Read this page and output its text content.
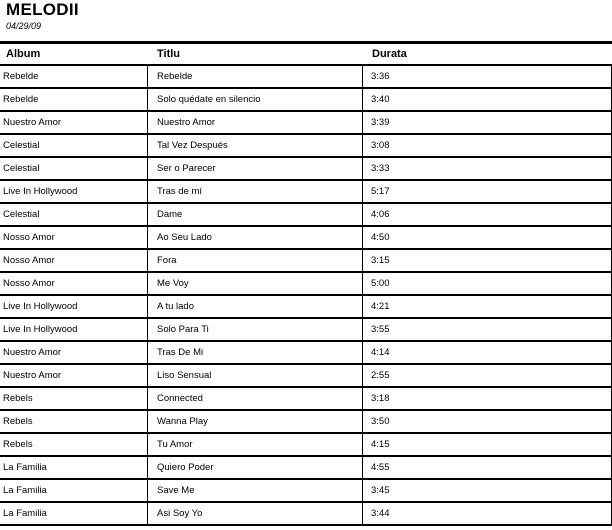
MELODII
04/29/09
Album	Titlu	Durata
Rebelde	Rebelde	3:36
Rebelde	Solo quédate en silencio	3:40
Nuestro Amor	Nuestro Amor	3:39
Celestial	Tal Vez Después	3:08
Celestial	Ser o Parecer	3:33
Live In Hollywood	Tras de mí	5:17
Celestial	Dame	4:06
Nosso Amor	Ao Seu Lado	4:50
Nosso Amor	Fora	3:15
Nosso Amor	Me Voy	5:00
Live In Hollywood	A tu lado	4:21
Live In Hollywood	Solo Para Ti	3:55
Nuestro Amor	Tras De Mi	4:14
Nuestro Amor	Liso Sensual	2:55
Rebels	Connected	3:18
Rebels	Wanna Play	3:50
Rebels	Tu Amor	4:15
La Familia	Quiero Poder	4:55
La Familia	Save Me	3:45
La Familia	Asi Soy Yo	3:44
